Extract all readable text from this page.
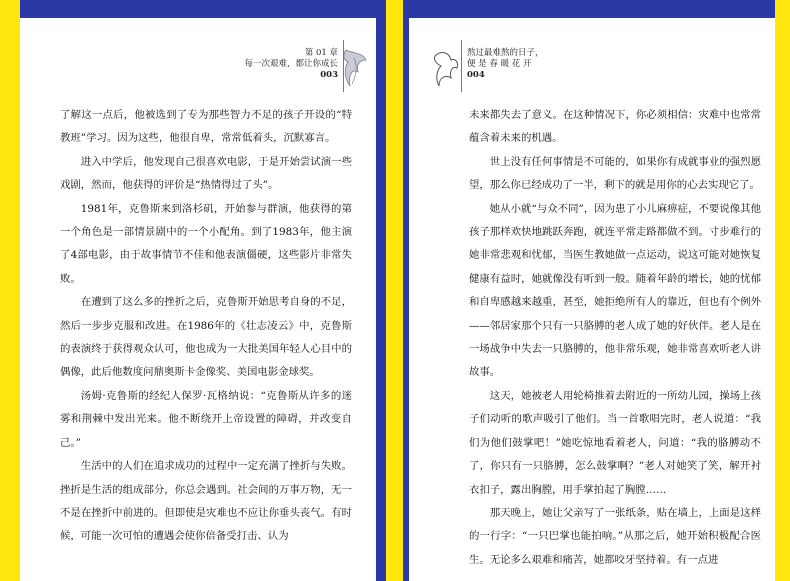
第 01 章
每一次艰难，都让你成长
003

了解这一点后，他被选到了专为那些智力不足的孩子开设的“特教班”学习。因为这些，他很自卑，常常低着头，沉默寡言。

进入中学后，他发现自己很喜欢电影，于是开始尝试演一些戏剧，然而，他获得的评价是“热情得过了头”。

1981年，克鲁斯来到洛杉矶，开始参与群演，他获得的第一个角色是一部情景剧中的一个小配角。到了1983年，他主演了4部电影，由于故事情节不佳和他表演僵硬，这些影片非常失败。

在遭到了这么多的挫折之后，克鲁斯开始思考自身的不足，然后一步步克服和改进。在1986年的《壮志凌云》中，克鲁斯的表演终于获得观众认可，他也成为一大批美国年轻人心目中的偶像，此后他数度问鼎奥斯卡金像奖、美国电影金球奖。

汤姆·克鲁斯的经纪人保罗·瓦格纳说：“克鲁斯从许多的迷雾和荆棘中发出光来。他不断绕开上帝设置的障碍，并改变自己。”

生活中的人们在追求成功的过程中一定充满了挫折与失败。挫折是生活的组成部分，你总会遇到。社会间的万事万物，无一不是在挫折中前进的。但即使是灾难也不应让你垂头丧气。有时候，可能一次可怕的遭遇会使你倍备受打击、认为

熬过最难熬的日子，
便 是 春 暖 花 开
004

未来都失去了意义。在这种情况下，你必须相信：灾难中也常常蕴含着未来的机遇。

世上没有任何事情是不可能的，如果你有成就事业的强烈愿望，那么你已经成功了一半，剩下的就是用你的心去实现它了。

她从小就“与众不同”，因为患了小儿麻痹症，不要说像其他孩子那样欢快地跳跃奔跑，就连平常走路都做不到。寸步难行的她非常悲观和忧郁，当医生教她做一点运动，说这可能对她恢复健康有益时，她就像没有听到一般。随着年龄的增长，她的忧郁和自卑感越来越重，甚至，她拒绝所有人的靠近，但也有个例外——邻居家那个只有一只胳膊的老人成了她的好伙伴。老人是在一场战争中失去一只胳膊的，他非常乐观，她非常喜欢听老人讲故事。

这天，她被老人用轮椅推着去附近的一所幼儿园，操场上孩子们动听的歌声吸引了他们。当一首歌唱完时，老人说道：“我们为他们鼓掌吧！”她吃惊地看着老人，问道：“我的胳膊动不了，你只有一只胳膊，怎么鼓掌啊？”老人对她笑了笑，解开衬衣扣子，露出胸膛，用手掌拍起了胸膛……

那天晚上，她让父亲写了一张纸条，贴在墙上，上面是这样的一行字：“一只巴掌也能拍响。”从那之后，她开始积极配合医生。无论多么艰难和痛苦，她都咬牙坚持着。有一点进
